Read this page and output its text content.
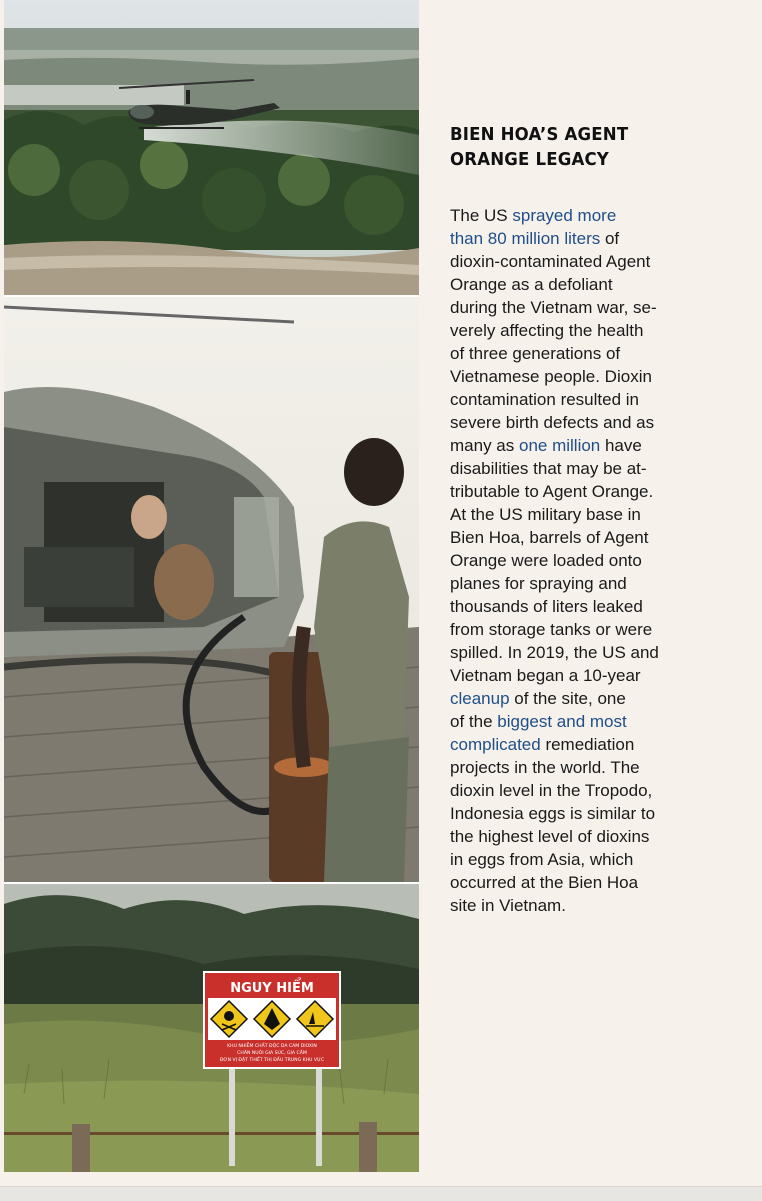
NGUY HIỂM
KHU NHIỄM CHẤT ĐỘC DA CAM DIOXIN
CHĂN NUÔI GIA SÚC, GIA CẦM
ĐƠN VỊ ĐẶT THIẾT THỊ ĐẦU TRUNG KHU VỰC
BIEN HOA’S AGENT ORANGE LEGACY

The US sprayed more
than 80 million liters of
dioxin-contaminated Agent
Orange as a defoliant
during the Vietnam war, se-
verely affecting the health
of three generations of
Vietnamese people. Dioxin
contamination resulted in
severe birth defects and as
many as one million have
disabilities that may be at-
tributable to Agent Orange.
At the US military base in
Bien Hoa, barrels of Agent
Orange were loaded onto
planes for spraying and
thousands of liters leaked
from storage tanks or were
spilled. In 2019, the US and
Vietnam began a 10-year
cleanup of the site, one
of the biggest and most
complicated remediation
projects in the world. The
dioxin level in the Tropodo,
Indonesia eggs is similar to
the highest level of dioxins
in eggs from Asia, which
occurred at the Bien Hoa
site in Vietnam.
